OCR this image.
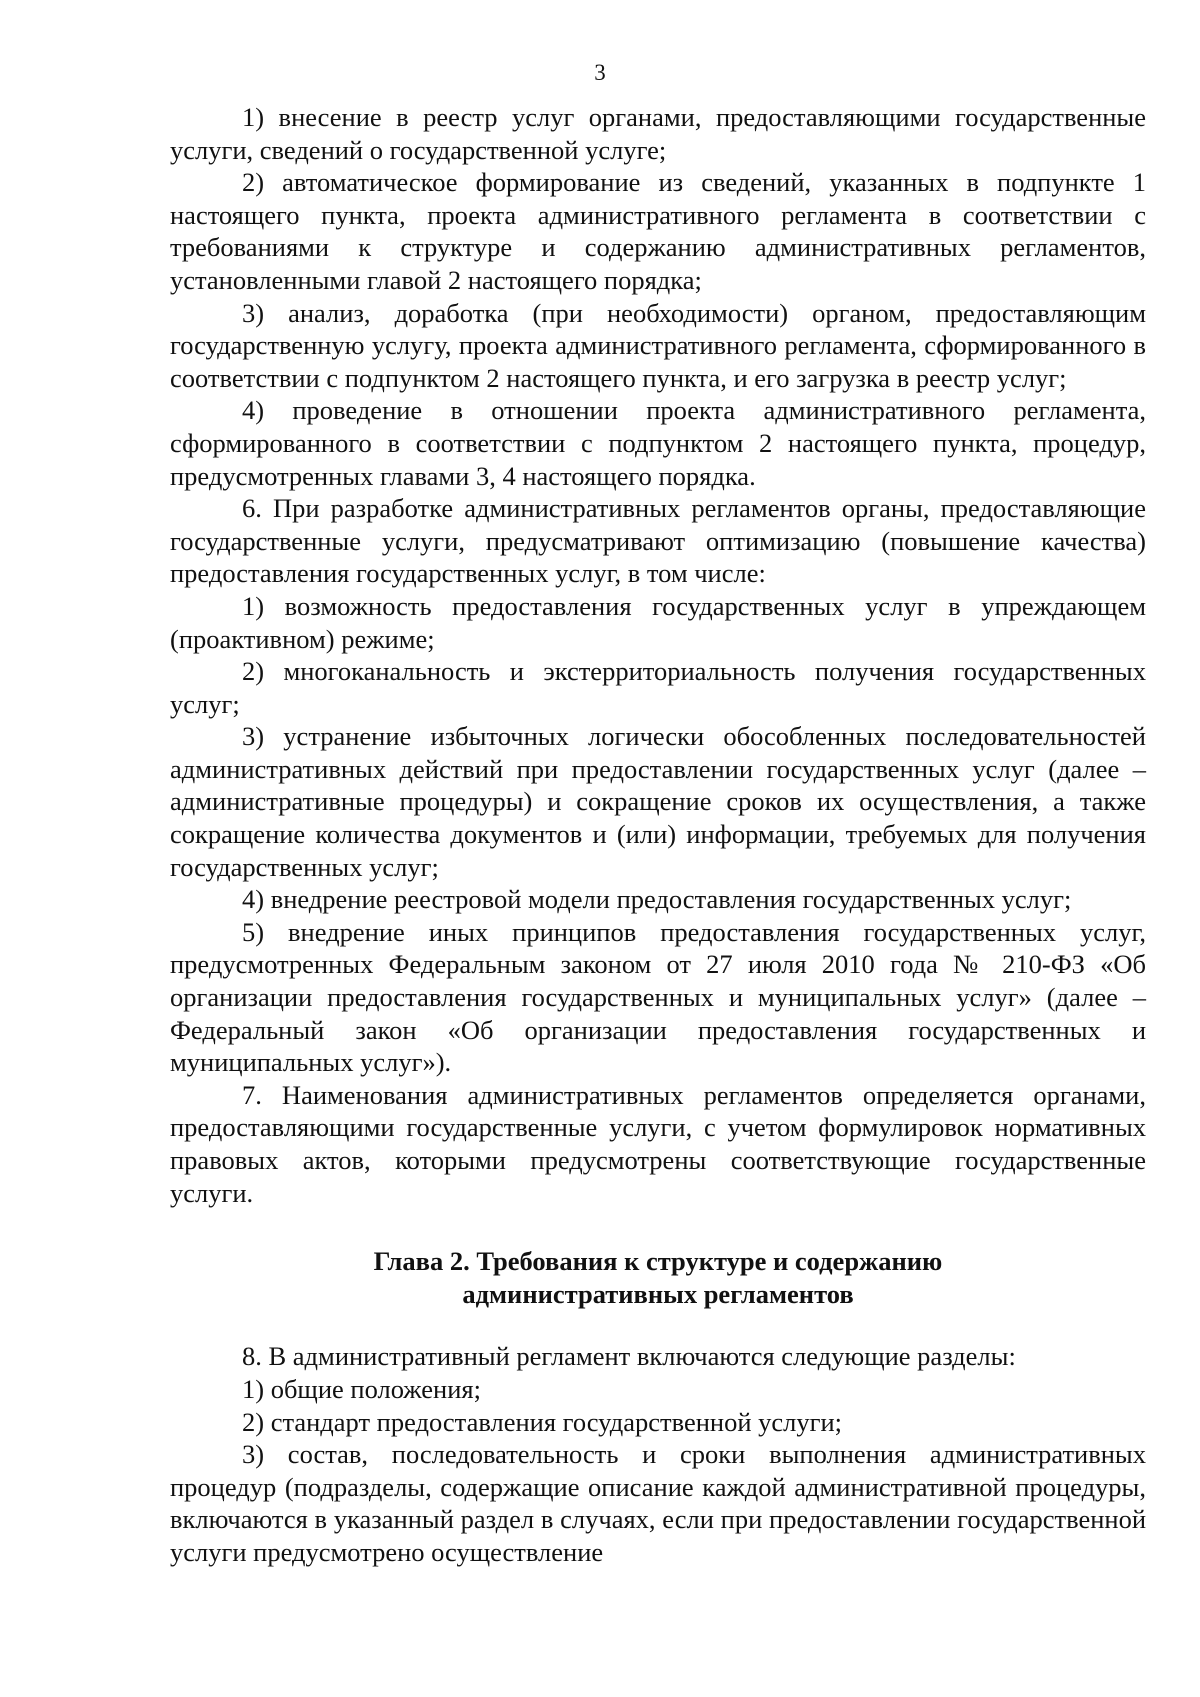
3

1) внесение в реестр услуг органами, предоставляющими государственные услуги, сведений о государственной услуге;

2) автоматическое формирование из сведений, указанных в подпункте 1 настоящего пункта, проекта административного регламента в соответствии с требованиями к структуре и содержанию административных регламентов, установленными главой 2 настоящего порядка;

3) анализ, доработка (при необходимости) органом, предоставляющим государственную услугу, проекта административного регламента, сформированного в соответствии с подпунктом 2 настоящего пункта, и его загрузка в реестр услуг;

4) проведение в отношении проекта административного регламента, сформированного в соответствии с подпунктом 2 настоящего пункта, процедур, предусмотренных главами 3, 4 настоящего порядка.

6. При разработке административных регламентов органы, предоставляющие государственные услуги, предусматривают оптимизацию (повышение качества) предоставления государственных услуг, в том числе:

1) возможность предоставления государственных услуг в упреждающем (проактивном) режиме;

2) многоканальность и экстерриториальность получения государственных услуг;

3) устранение избыточных логически обособленных последовательностей административных действий при предоставлении государственных услуг (далее – административные процедуры) и сокращение сроков их осуществления, а также сокращение количества документов и (или) информации, требуемых для получения государственных услуг;

4) внедрение реестровой модели предоставления государственных услуг;

5) внедрение иных принципов предоставления государственных услуг, предусмотренных Федеральным законом от 27 июля 2010 года № 210-ФЗ «Об организации предоставления государственных и муниципальных услуг» (далее – Федеральный закон «Об организации предоставления государственных и муниципальных услуг»).

7. Наименования административных регламентов определяется органами, предоставляющими государственные услуги, с учетом формулировок нормативных правовых актов, которыми предусмотрены соответствующие государственные услуги.

Глава 2. Требования к структуре и содержанию
административных регламентов

8. В административный регламент включаются следующие разделы:

1) общие положения;

2) стандарт предоставления государственной услуги;

3) состав, последовательность и сроки выполнения административных процедур (подразделы, содержащие описание каждой административной процедуры, включаются в указанный раздел в случаях, если при предоставлении государственной услуги предусмотрено осуществление
